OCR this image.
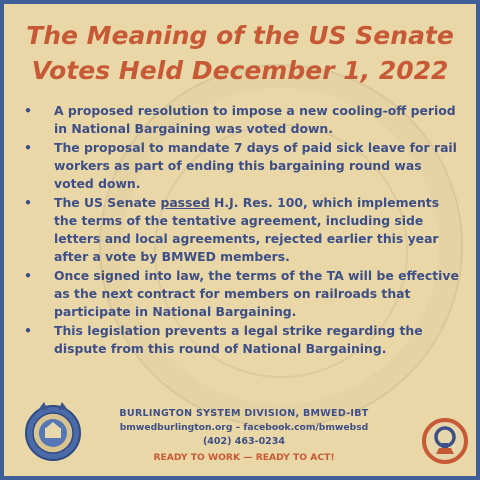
The Meaning of the US Senate
Votes Held December 1, 2022
• A proposed resolution to impose a new cooling-off period in National Bargaining was voted down.
• The proposal to mandate 7 days of paid sick leave for rail workers as part of ending this bargaining round was voted down.
• The US Senate passed H.J. Res. 100, which implements the terms of the tentative agreement, including side letters and local agreements, rejected earlier this year after a vote by BMWED members.
• Once signed into law, the terms of the TA will be effective as the next contract for members on railroads that participate in National Bargaining.
• This legislation prevents a legal strike regarding the dispute from this round of National Bargaining.
BURLINGTON SYSTEM DIVISION, BMWED-IBT
bmwedburlington.org – facebook.com/bmwebsd
(402) 463-0234
READY TO WORK — READY TO ACT!
